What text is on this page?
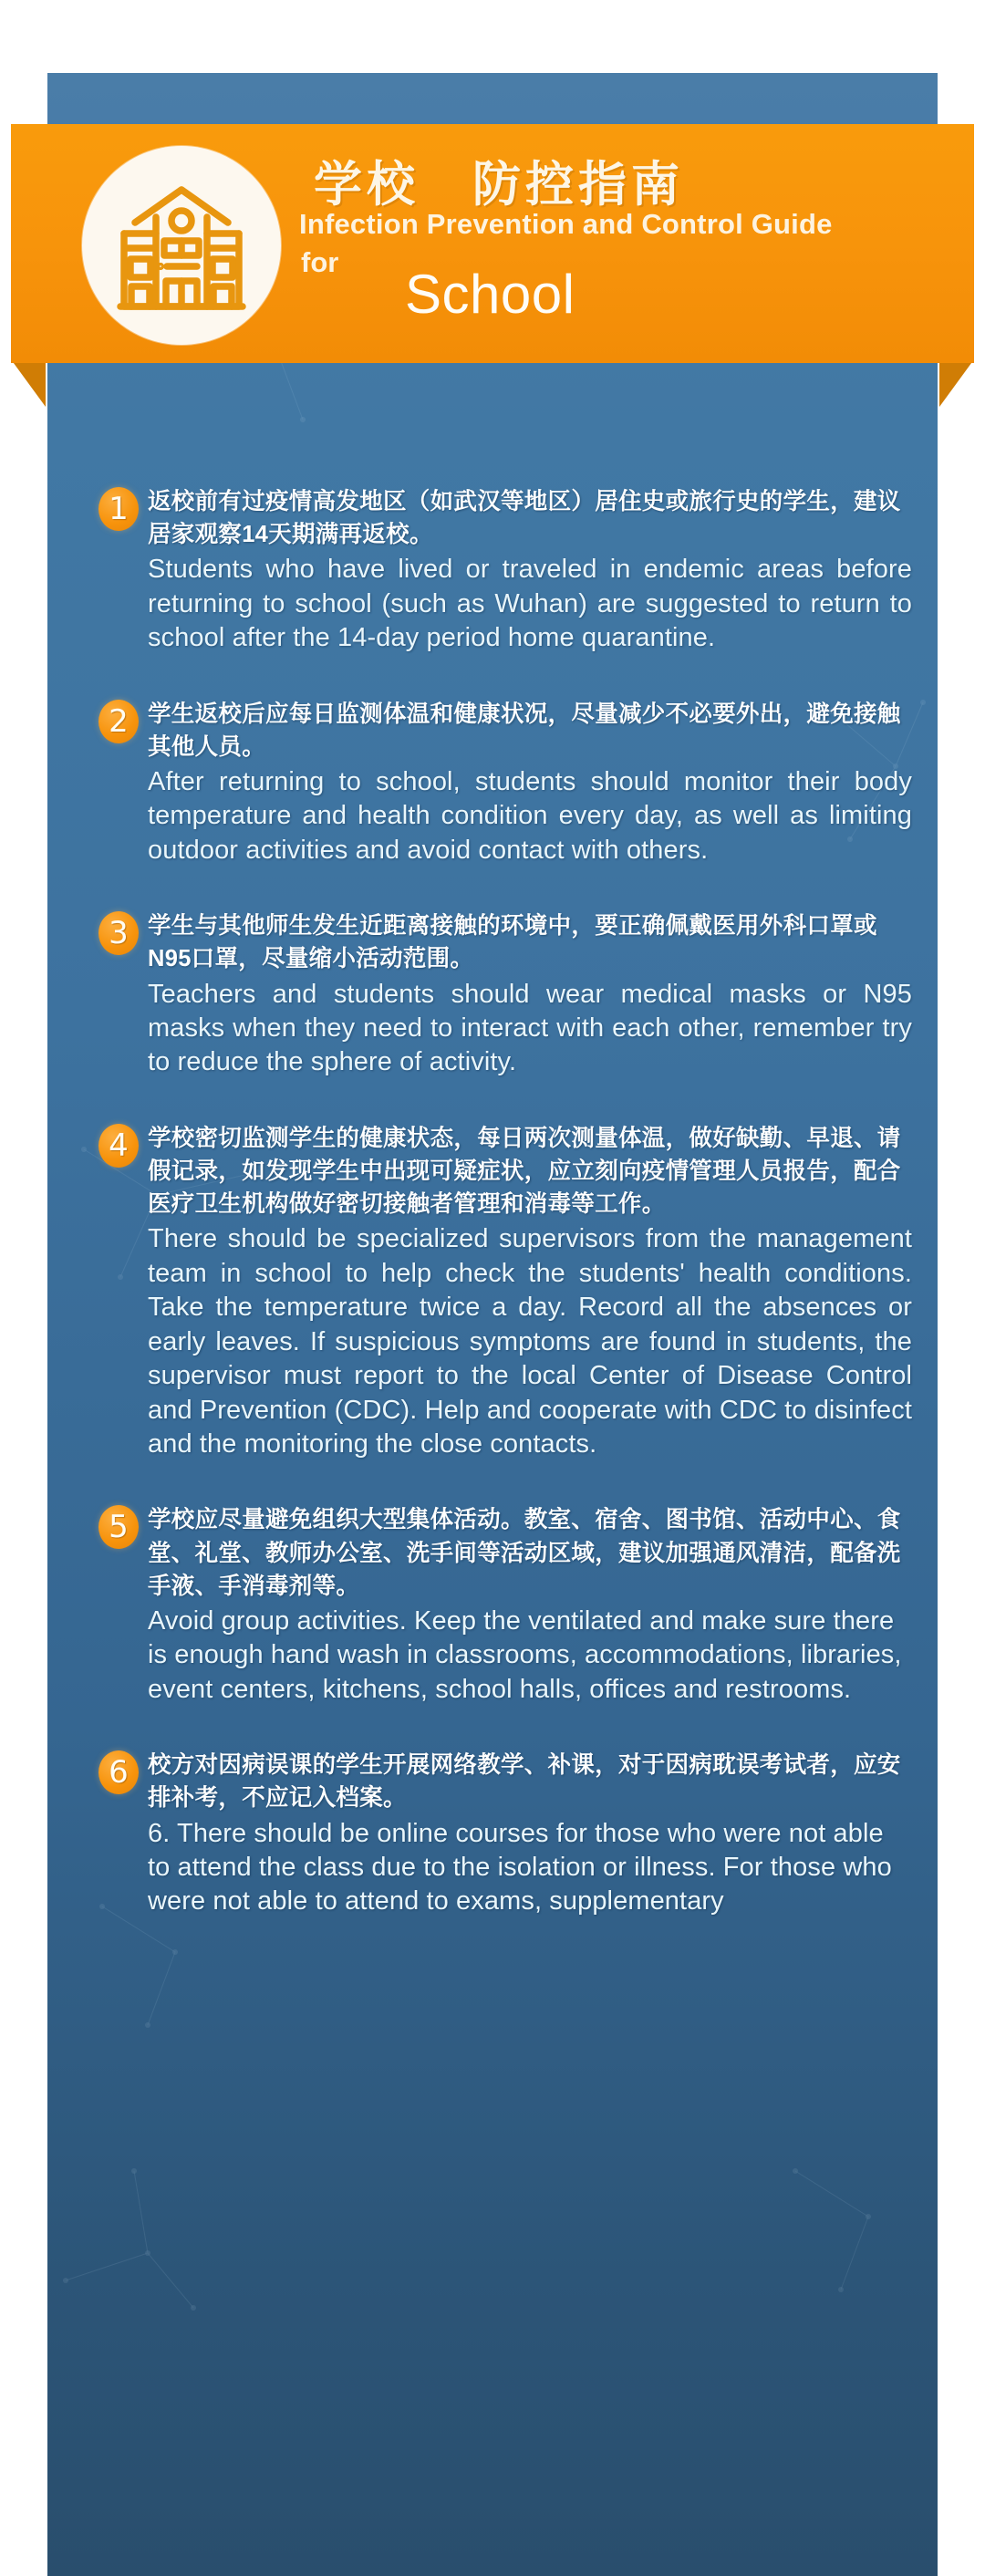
1 返校前有过疫情高发地区（如武汉等地区）居住史或旅行史的学生，建议居家观察14天期满再返校。

Students who have lived or traveled in endemic areas before returning to school (such as Wuhan) are suggested to return to school after the 14-day period home quarantine.

2 学生返校后应每日监测体温和健康状况，尽量减少不必要外出，避免接触其他人员。

After returning to school, students should monitor their body temperature and health condition every day, as well as limiting outdoor activities and avoid contact with others.

3 学生与其他师生发生近距离接触的环境中，要正确佩戴医用外科口罩或N95口罩，尽量缩小活动范围。

Teachers and students should wear medical masks or N95 masks when they need to interact with each other, remember try to reduce the sphere of activity.

4 学校密切监测学生的健康状态，每日两次测量体温，做好缺勤、早退、请假记录，如发现学生中出现可疑症状，应立刻向疫情管理人员报告，配合医疗卫生机构做好密切接触者管理和消毒等工作。

There should be specialized supervisors from the management team in school to help check the students' health conditions. Take the temperature twice a day. Record all the absences or early leaves. If suspicious symptoms are found in students, the supervisor must report to the local Center of Disease Control and Prevention (CDC). Help and cooperate with CDC to disinfect and the monitoring the close contacts.

5 学校应尽量避免组织大型集体活动。教室、宿舍、图书馆、活动中心、食堂、礼堂、教师办公室、洗手间等活动区域，建议加强通风清洁，配备洗手液、手消毒剂等。

Avoid group activities. Keep the ventilated and make sure there is enough hand wash in classrooms, accommodations, libraries, event centers, kitchens, school halls, offices and restrooms.

6 校方对因病误课的学生开展网络教学、补课，对于因病耽误考试者，应安排补考，不应记入档案。

6. There should be online courses for those who were not able to attend the class due to the isolation or illness. For those who were not able to attend to exams, supplementary

学校　防控指南
Infection Prevention and Control Guide
for
School
